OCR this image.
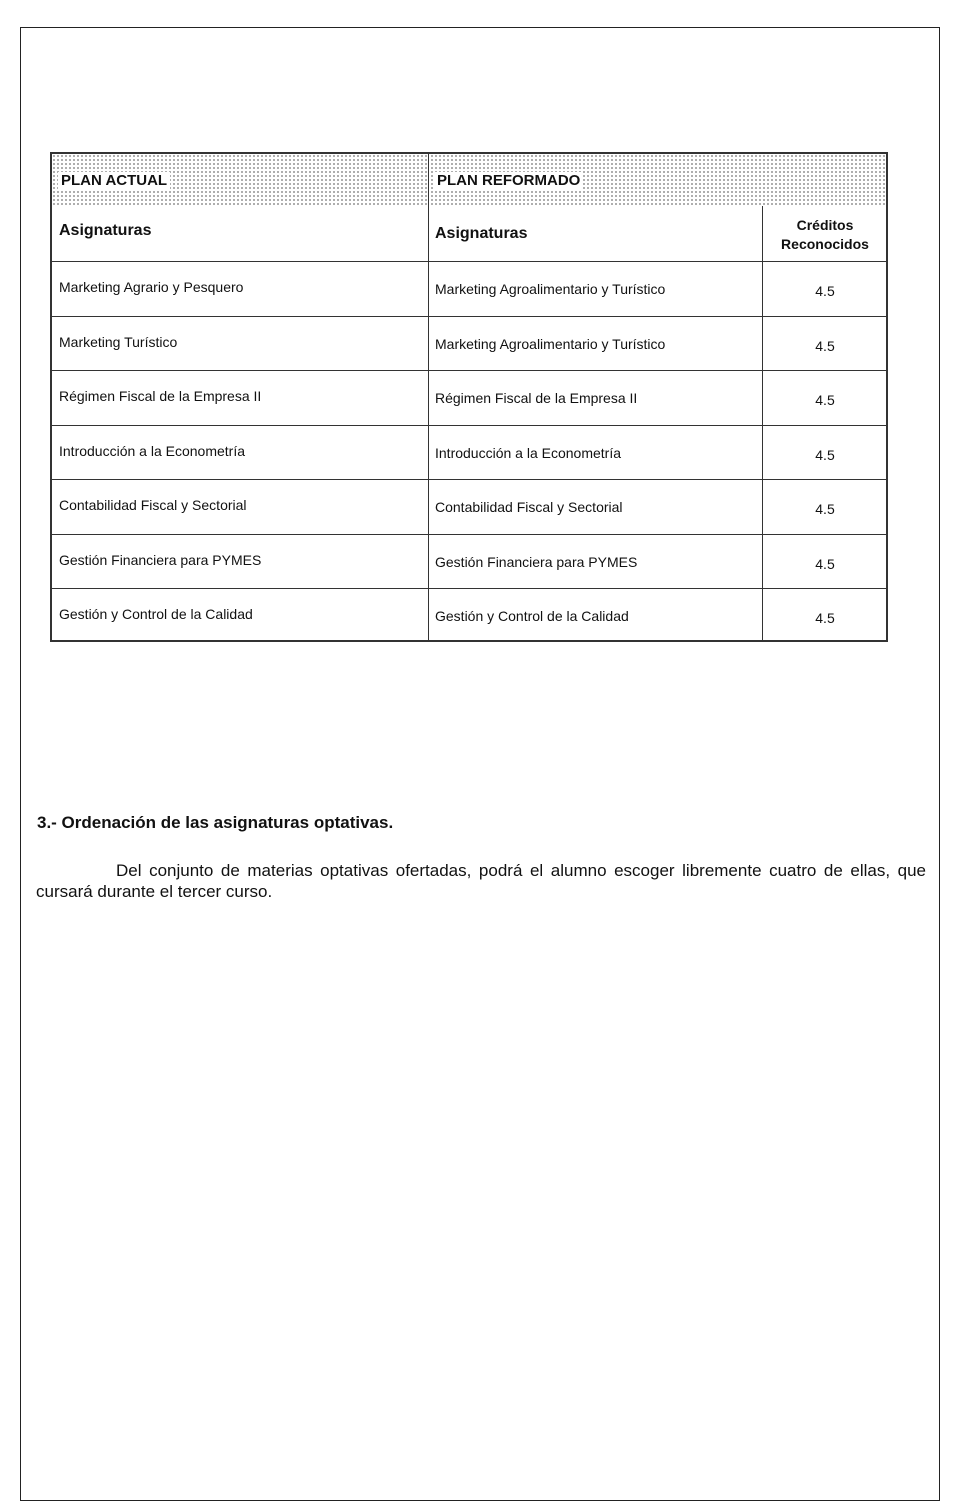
PLAN ACTUAL	PLAN REFORMADO
Asignaturas	Asignaturas	Créditos
Reconocidos
Marketing Agrario y Pesquero	Marketing Agroalimentario y Turístico	4.5
Marketing Turístico	Marketing Agroalimentario y Turístico	4.5
Régimen Fiscal de la Empresa II	Régimen Fiscal de la Empresa II	4.5
Introducción a la Econometría	Introducción a la Econometría	4.5
Contabilidad Fiscal y Sectorial	Contabilidad Fiscal y Sectorial	4.5
Gestión Financiera para PYMES	Gestión Financiera para PYMES	4.5
Gestión y Control de la Calidad	Gestión y Control de la Calidad	4.5
3.- Ordenación de las asignaturas optativas.
Del conjunto de materias optativas ofertadas, podrá el alumno escoger libremente cuatro de ellas, que cursará durante el tercer curso.
